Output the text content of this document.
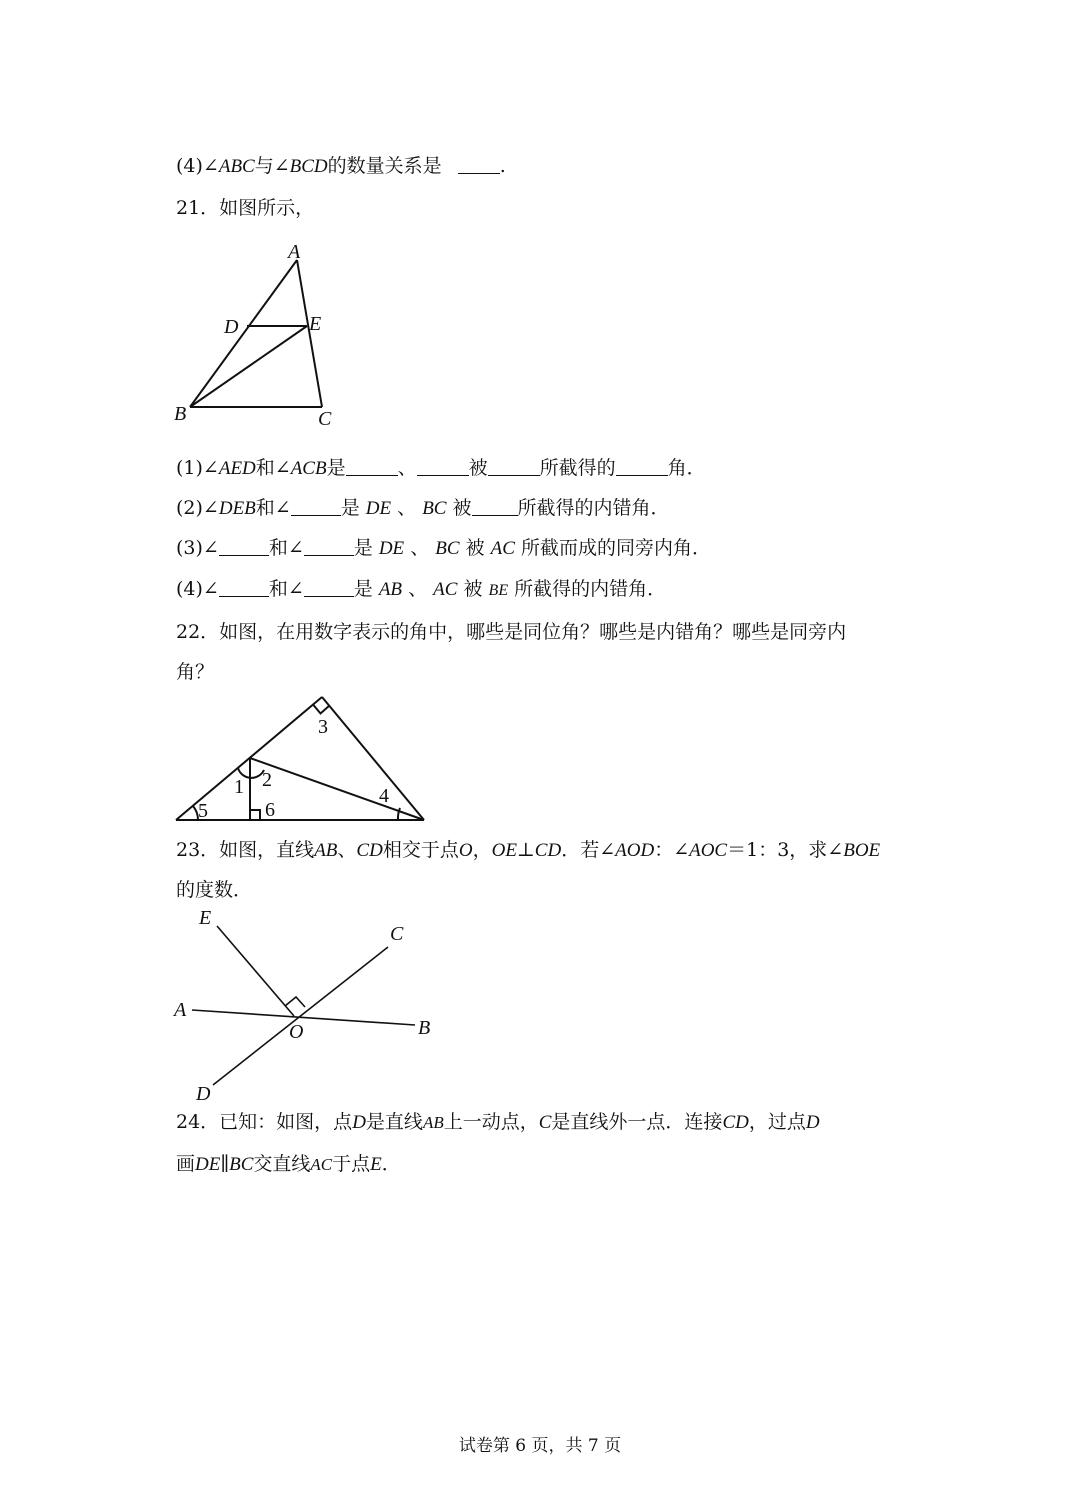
(4)∠ABC与∠BCD的数量关系是	.
21．如图所示，
A
D	E
B	C
(1)∠AED和∠ACB是	、	被	所截得的	角．
(2)∠DEB和∠	是 DE 、 BC 被 所截得的内错角．
(3)∠	和∠	是 DE 、 BC 被 AC 所截而成的同旁内角．
(4)∠	和∠	是 AB 、 AC 被 BE 所截得的内错角．
22．如图，在用数字表示的角中，哪些是同位角？哪些是内错角？哪些是同旁内
角？
3
1 2
4
5	6
23．如图，直线AB、CD相交于点O，OE⊥CD．若∠AOD：∠AOC＝1：3，求∠BOE
的度数．
E
C
A
O	B
D
24．已知：如图，点D是直线AB上一动点，C是直线外一点．连接CD，过点D
画DE∥BC交直线AC于点E．
试卷第 6 页，共 7 页
